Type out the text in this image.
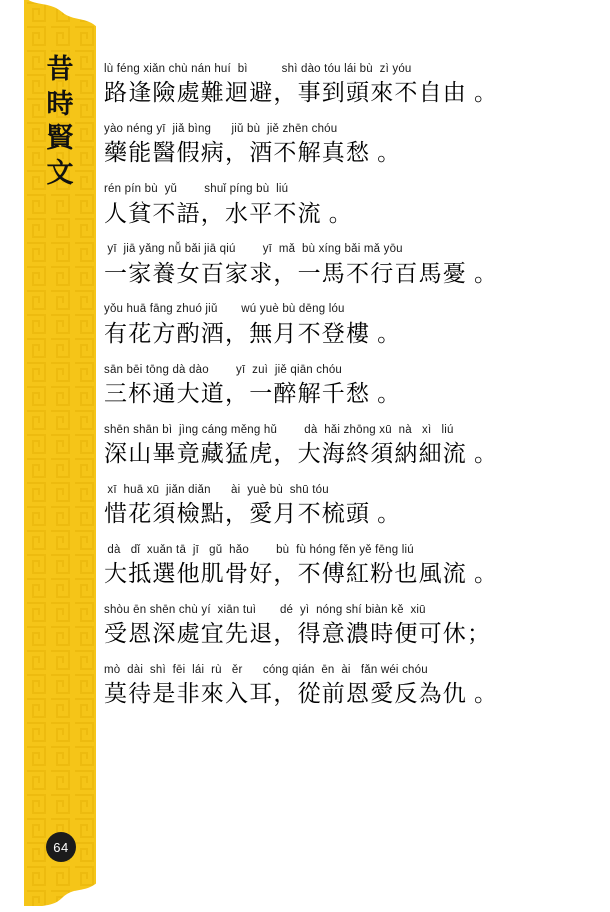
昔
時
賢
文
64
lù féng xiǎn chù nán huí  bì          shì dào tóu lái bù  zì yóu
路逢險處難迴避，事到頭來不自由 。
yào néng yī  jiǎ bìng      jiǔ bù  jiě zhēn chóu
藥能醫假病，酒不解真愁 。
rén pín bù  yǔ        shuǐ píng bù  liú
人貧不語，水平不流 。
yī  jiā yǎng nǚ bǎi jiā qiú        yī  mǎ  bù xíng bǎi mǎ yōu
一家養女百家求，一馬不行百馬憂 。
yǒu huā fāng zhuó jiǔ       wú yuè bù dēng lóu
有花方酌酒，無月不登樓 。
sān bēi tōng dà dào        yī  zuì  jiě qiān chóu
三杯通大道，一醉解千愁 。
shēn shān bì  jìng cáng měng hǔ        dà  hǎi zhōng xū  nà   xì   liú
深山畢竟藏猛虎，大海終須納細流 。
xī  huā xū  jiǎn diǎn      ài  yuè bù  shū tóu
惜花須檢點，愛月不梳頭 。
dà   dǐ  xuǎn tā  jī   gǔ  hǎo        bù  fù hóng fěn yě fēng liú
大抵選他肌骨好，不傅紅粉也風流 。
shòu ēn shēn chù yí  xiān tuì       dé  yì  nóng shí biàn kě  xiū
受恩深處宜先退，得意濃時便可休；
mò  dài  shì  fēi  lái  rù   ěr      cóng qián  ēn  ài   fǎn wéi chóu
莫待是非來入耳，從前恩愛反為仇 。
